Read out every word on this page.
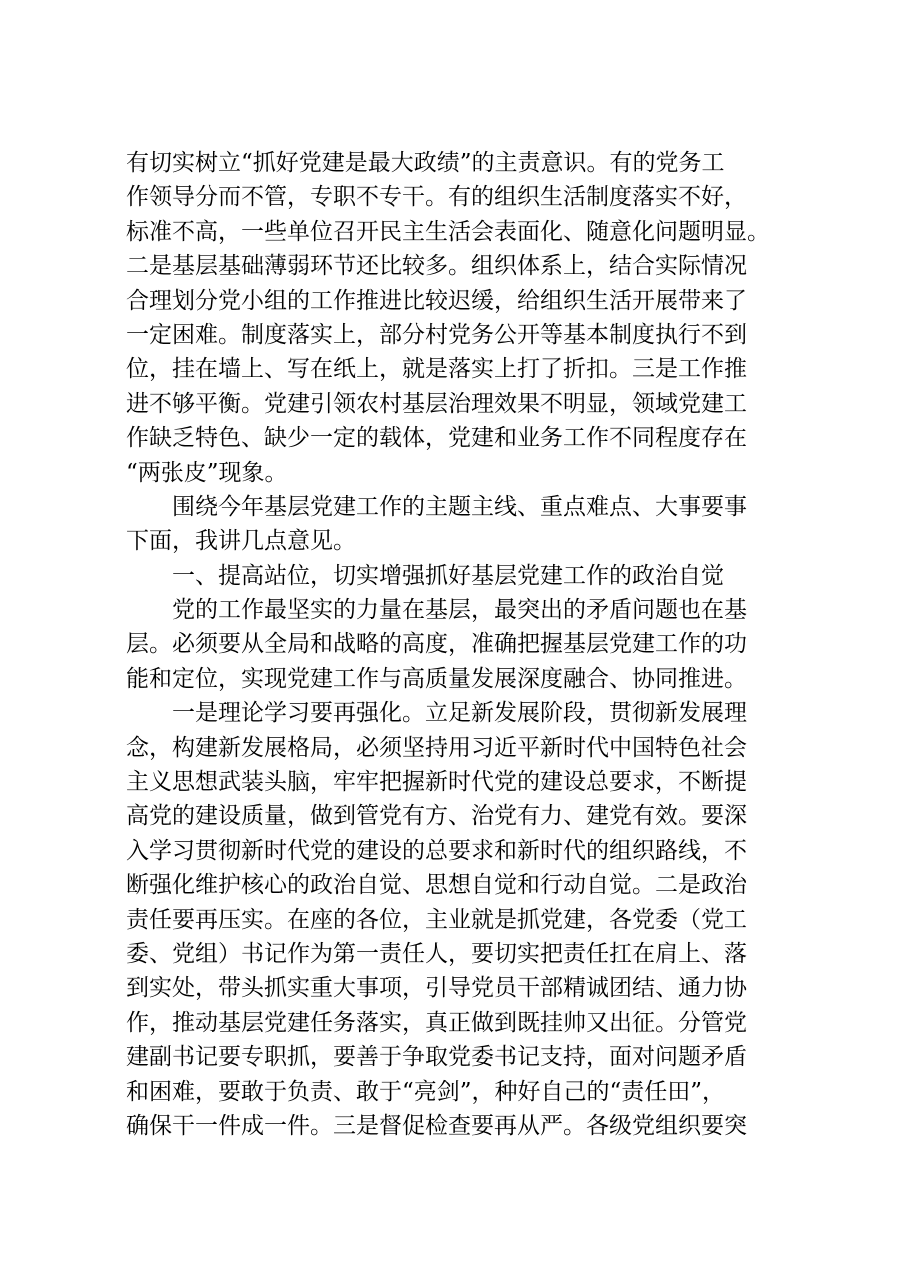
有切实树立“抓好党建是最大政绩”的主责意识。有的党务工
作领导分而不管，专职不专干。有的组织生活制度落实不好，
标准不高，一些单位召开民主生活会表面化、随意化问题明显。
二是基层基础薄弱环节还比较多。组织体系上，结合实际情况
合理划分党小组的工作推进比较迟缓，给组织生活开展带来了
一定困难。制度落实上，部分村党务公开等基本制度执行不到
位，挂在墙上、写在纸上，就是落实上打了折扣。三是工作推
进不够平衡。党建引领农村基层治理效果不明显，领域党建工
作缺乏特色、缺少一定的载体，党建和业务工作不同程度存在
“两张皮”现象。
　　围绕今年基层党建工作的主题主线、重点难点、大事要事
下面，我讲几点意见。
　　一、提高站位，切实增强抓好基层党建工作的政治自觉
　　党的工作最坚实的力量在基层，最突出的矛盾问题也在基
层。必须要从全局和战略的高度，准确把握基层党建工作的功
能和定位，实现党建工作与高质量发展深度融合、协同推进。
　　一是理论学习要再强化。立足新发展阶段，贯彻新发展理
念，构建新发展格局，必须坚持用习近平新时代中国特色社会
主义思想武装头脑，牢牢把握新时代党的建设总要求，不断提
高党的建设质量，做到管党有方、治党有力、建党有效。要深
入学习贯彻新时代党的建设的总要求和新时代的组织路线，不
断强化维护核心的政治自觉、思想自觉和行动自觉。二是政治
责任要再压实。在座的各位，主业就是抓党建，各党委（党工
委、党组）书记作为第一责任人，要切实把责任扛在肩上、落
到实处，带头抓实重大事项，引导党员干部精诚团结、通力协
作，推动基层党建任务落实，真正做到既挂帅又出征。分管党
建副书记要专职抓，要善于争取党委书记支持，面对问题矛盾
和困难，要敢于负责、敢于“亮剑”，种好自己的“责任田”，
确保干一件成一件。三是督促检查要再从严。各级党组织要突
